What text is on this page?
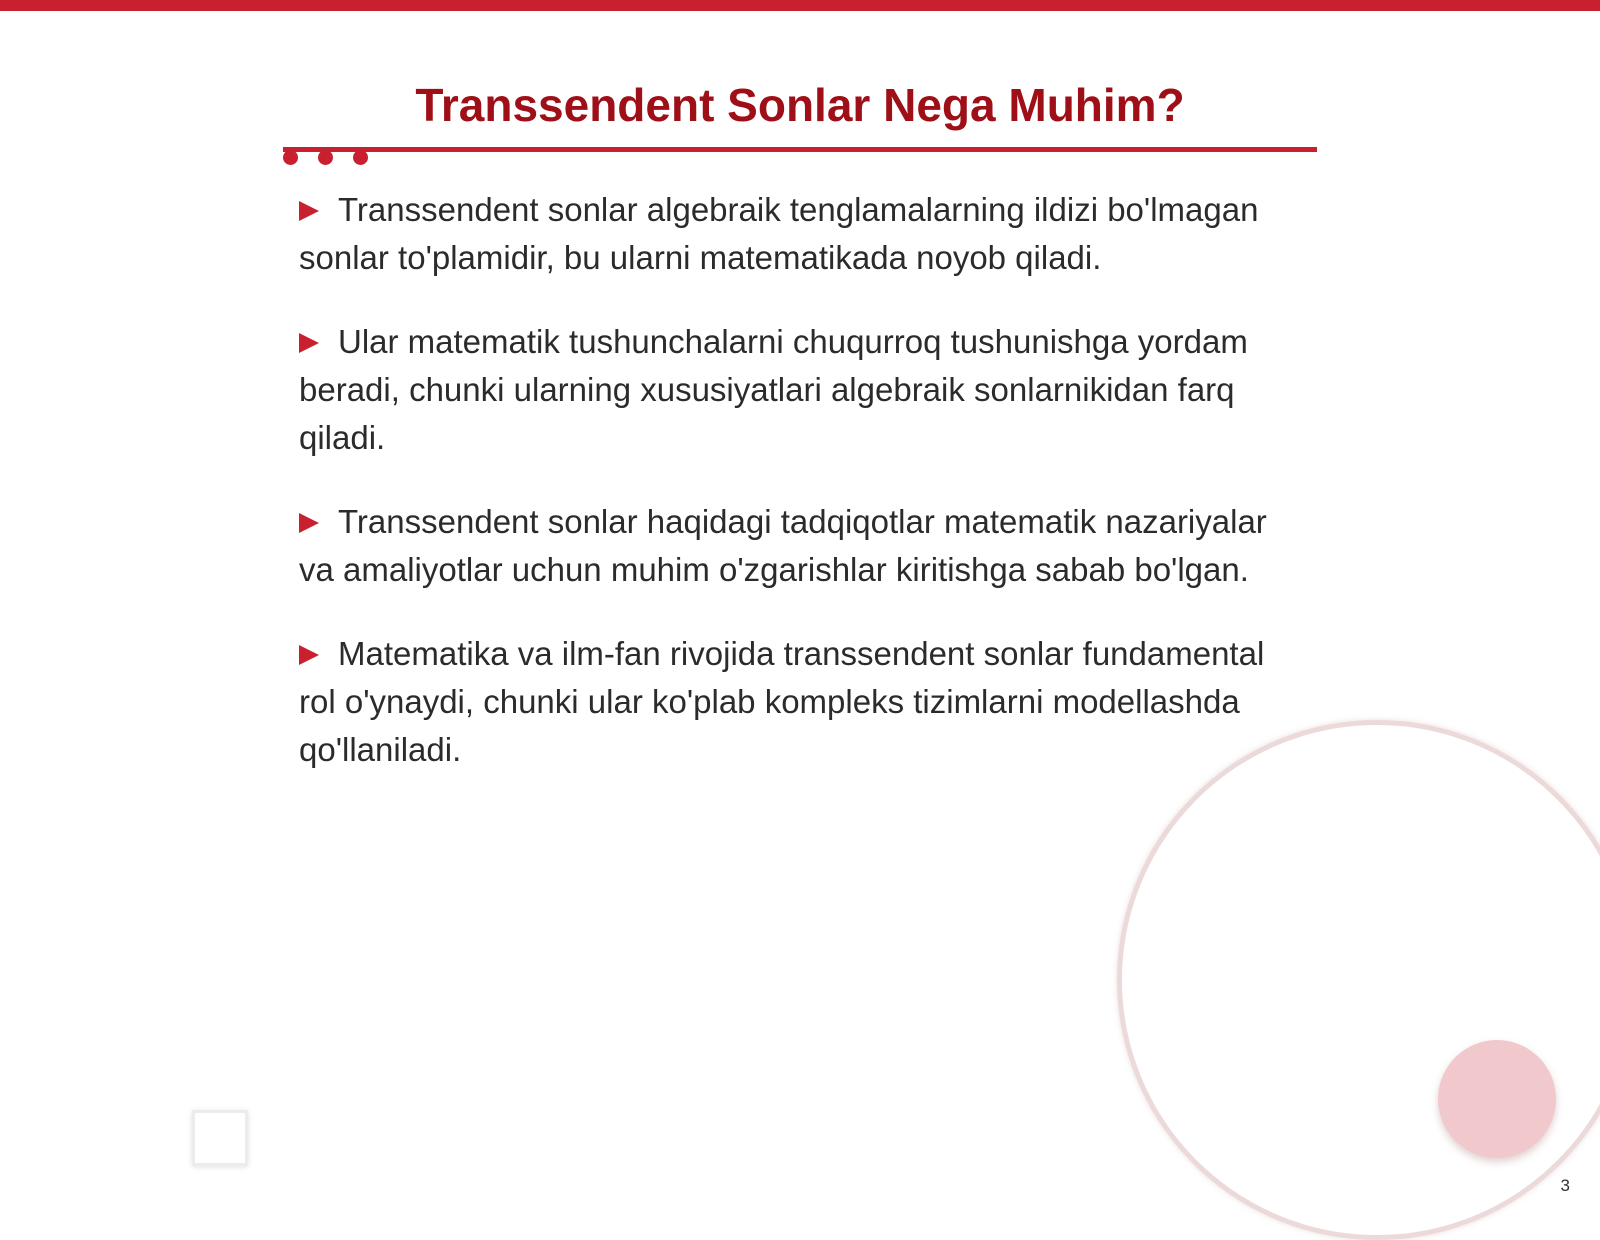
Transsendent Sonlar Nega Muhim?
Transsendent sonlar algebraik tenglamalarning ildizi bo'lmagan sonlar to'plamidir, bu ularni matematikada noyob qiladi.
Ular matematik tushunchalarni chuqurroq tushunishga yordam beradi, chunki ularning xususiyatlari algebraik sonlarnikidan farq qiladi.
Transsendent sonlar haqidagi tadqiqotlar matematik nazariyalar va amaliyotlar uchun muhim o'zgarishlar kiritishga sabab bo'lgan.
Matematika va ilm-fan rivojida transsendent sonlar fundamental rol o'ynaydi, chunki ular ko'plab kompleks tizimlarni modellashda qo'llaniladi.
3
